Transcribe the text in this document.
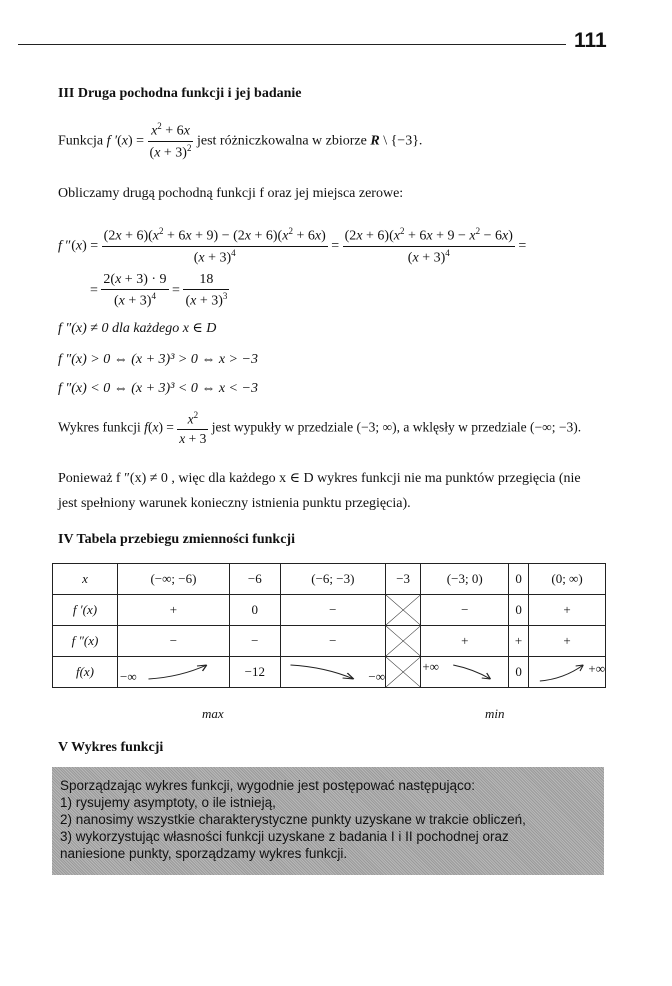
111
III Druga pochodna funkcji i jej badanie
Funkcja f $'(x) = \frac{x^2 + 6x}{(x + 3)^2}$ jest różniczkowalna w zbiorze R \ {−3}.
Obliczamy drugą pochodną funkcji f oraz jej miejsca zerowe:
f $''(x) = \frac{(2x + 6)(x^2 + 6x + 9) - (2x + 6)(x^2 + 6x)}{(x + 3)^4} = \frac{(2x + 6)(x^2 + 6x + 9 - x^2 - 6x)}{(x + 3)^4}$ =
= $\frac{2(x + 3) \cdot 9}{(x + 3)^4} = \frac{18}{(x + 3)^3}$
f ″(x) ≠ 0 dla każdego x ∈ D
f ″(x) > 0 ⇔ (x + 3)³ > 0 ⇔ x > −3
f ″(x) < 0 ⇔ (x + 3)³ < 0 ⇔ x < −3
Wykres funkcji $f(x) = \frac{x^2}{x + 3}$ jest wypukły w przedziale (−3; ∞), a wklęsły w przedziale (−∞; −3).
Ponieważ f ″(x) ≠ 0 , więc dla każdego x ∈ D wykres funkcji nie ma punktów przegięcia (nie
jest spełniony warunek konieczny istnienia punktu przegięcia).
IV Tabela przebiegu zmienności funkcji
x	(−∞; −6)	−6	(−6; −3)	−3	(−3; 0)	0	(0; ∞)
f ′(x)	+	0	−		−	0	+
f ″(x)	−	−	−		+	+	+
f(x)	−∞	−12	−∞		+∞	0	+∞
max	min
V Wykres funkcji
Sporządzając wykres funkcji, wygodnie jest postępować następująco:
1) rysujemy asymptoty, o ile istnieją,
2) nanosimy wszystkie charakterystyczne punkty uzyskane w trakcie obliczeń,
3) wykorzystując własności funkcji uzyskane z badania I i II pochodnej oraz
naniesione punkty, sporządzamy wykres funkcji.
